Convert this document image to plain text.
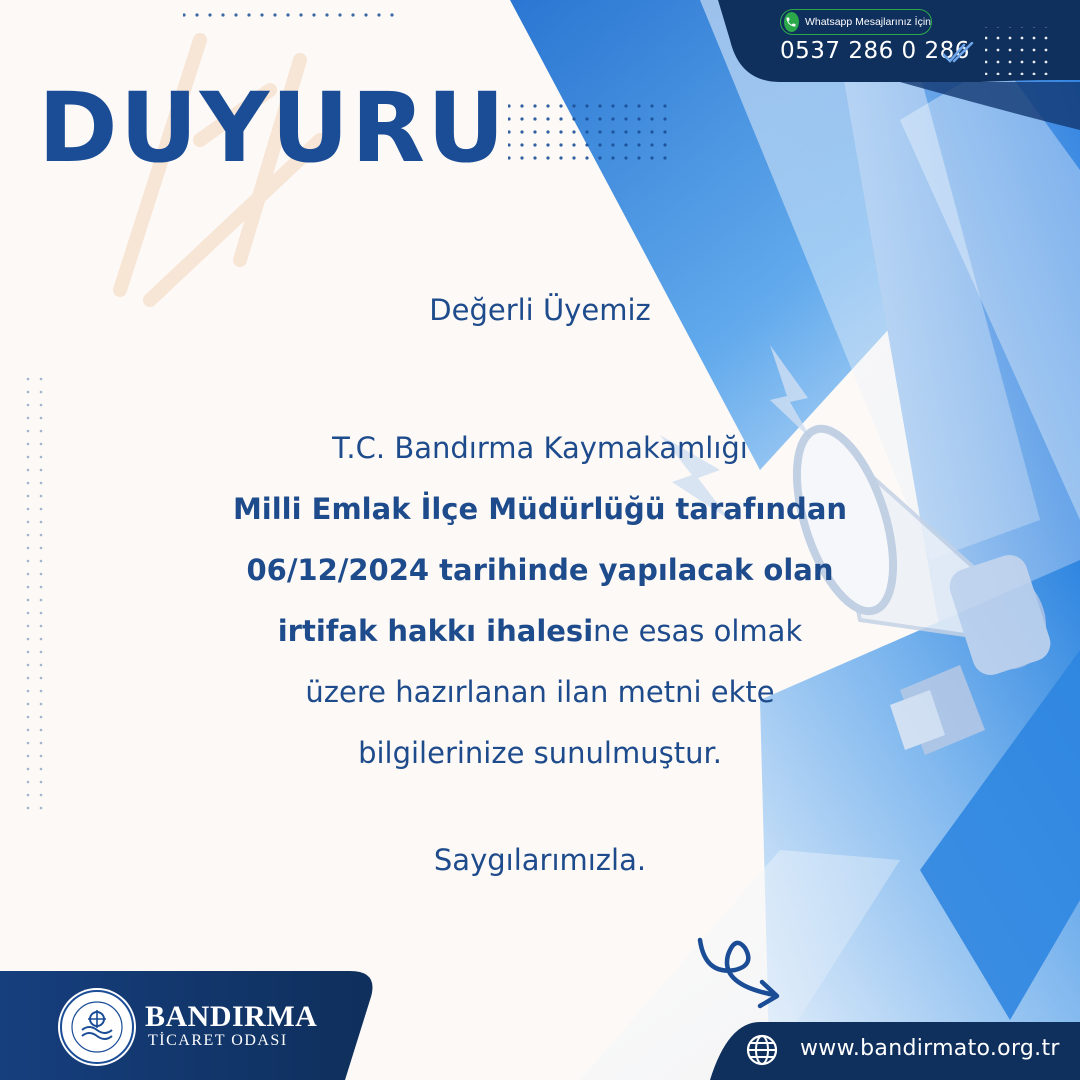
DUYURU
Whatsapp Mesajlarınız İçin
0537 286 0 286
Değerli Üyemiz
T.C. Bandırma Kaymakamlığı
Milli Emlak İlçe Müdürlüğü tarafından
06/12/2024 tarihinde yapılacak olan
irtifak hakkı ihalesine esas olmak
üzere hazırlanan ilan metni ekte
bilgilerinize sunulmuştur.
Saygılarımızla.
BANDIRMA
TİCARET ODASI	www.bandirmato.org.tr
